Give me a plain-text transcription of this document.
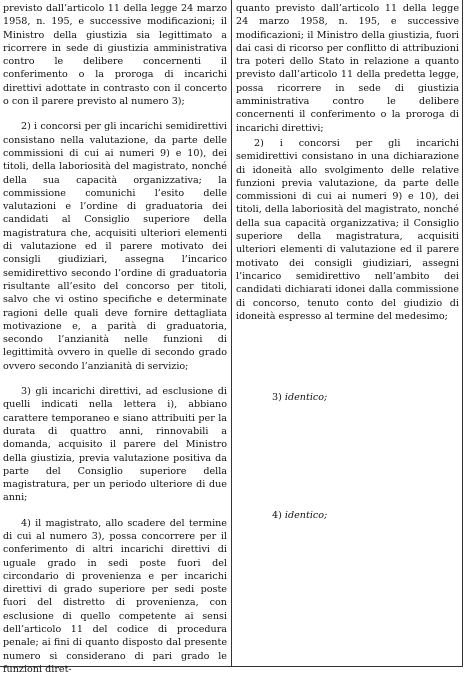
previsto dall’articolo 11 della legge 24 marzo 1958, n. 195, e successive modificazioni; il Ministro della giustizia sia legittimato a ricorrere in sede di giustizia amministrativa contro le delibere concernenti il conferimento o la proroga di incarichi direttivi adottate in contrasto con il concerto o con il parere previsto al numero 3);

2) i concorsi per gli incarichi semidirettivi consistano nella valutazione, da parte delle commissioni di cui ai numeri 9) e 10), dei titoli, della laboriosità del magistrato, nonché della sua capacità organizzativa; la commissione comunichi l’esito delle valutazioni e l’ordine di graduatoria dei candidati al Consiglio superiore della magistratura che, acquisiti ulteriori elementi di valutazione ed il parere motivato dei consigli giudiziari, assegna l’incarico semidirettivo secondo l’ordine di graduatoria risultante all’esito del concorso per titoli, salvo che vi ostino specifiche e determinate ragioni delle quali deve fornire dettagliata motivazione e, a parità di graduatoria, secondo l’anzianità nelle funzioni di legittimità ovvero in quelle di secondo grado ovvero secondo l’anzianità di servizio;

3) gli incarichi direttivi, ad esclusione di quelli indicati nella lettera i), abbiano carattere temporaneo e siano attribuiti per la durata di quattro anni, rinnovabili a domanda, acquisito il parere del Ministro della giustizia, previa valutazione positiva da parte del Consiglio superiore della magistratura, per un periodo ulteriore di due anni;

4) il magistrato, allo scadere del termine di cui al numero 3), possa concorrere per il conferimento di altri incarichi direttivi di uguale grado in sedi poste fuori del circondario di provenienza e per incarichi direttivi di grado superiore per sedi poste fuori del distretto di provenienza, con esclusione di quello competente ai sensi dell’articolo 11 del codice di procedura penale; ai fini di quanto disposto dal presente numero si considerano di pari grado le funzioni diret-

quanto previsto dall’articolo 11 della legge 24 marzo 1958, n. 195, e successive modificazioni; il Ministro della giustizia, fuori dai casi di ricorso per conflitto di attribuzioni tra poteri dello Stato in relazione a quanto previsto dall’articolo 11 della predetta legge, possa ricorrere in sede di giustizia amministrativa contro le delibere concernenti il conferimento o la proroga di incarichi direttivi;

2) i concorsi per gli incarichi semidirettivi consistano in una dichiarazione di idoneità allo svolgimento delle relative funzioni previa valutazione, da parte delle commissioni di cui ai numeri 9) e 10), dei titoli, della laboriosità del magistrato, nonché della sua capacità organizzativa; il Consiglio superiore della magistratura, acquisiti ulteriori elementi di valutazione ed il parere motivato dei consigli giudiziari, assegni l’incarico semidirettivo nell’ambito dei candidati dichiarati idonei dalla commissione di concorso, tenuto conto del giudizio di idoneità espresso al termine del medesimo;

3) identico;
4) identico;
